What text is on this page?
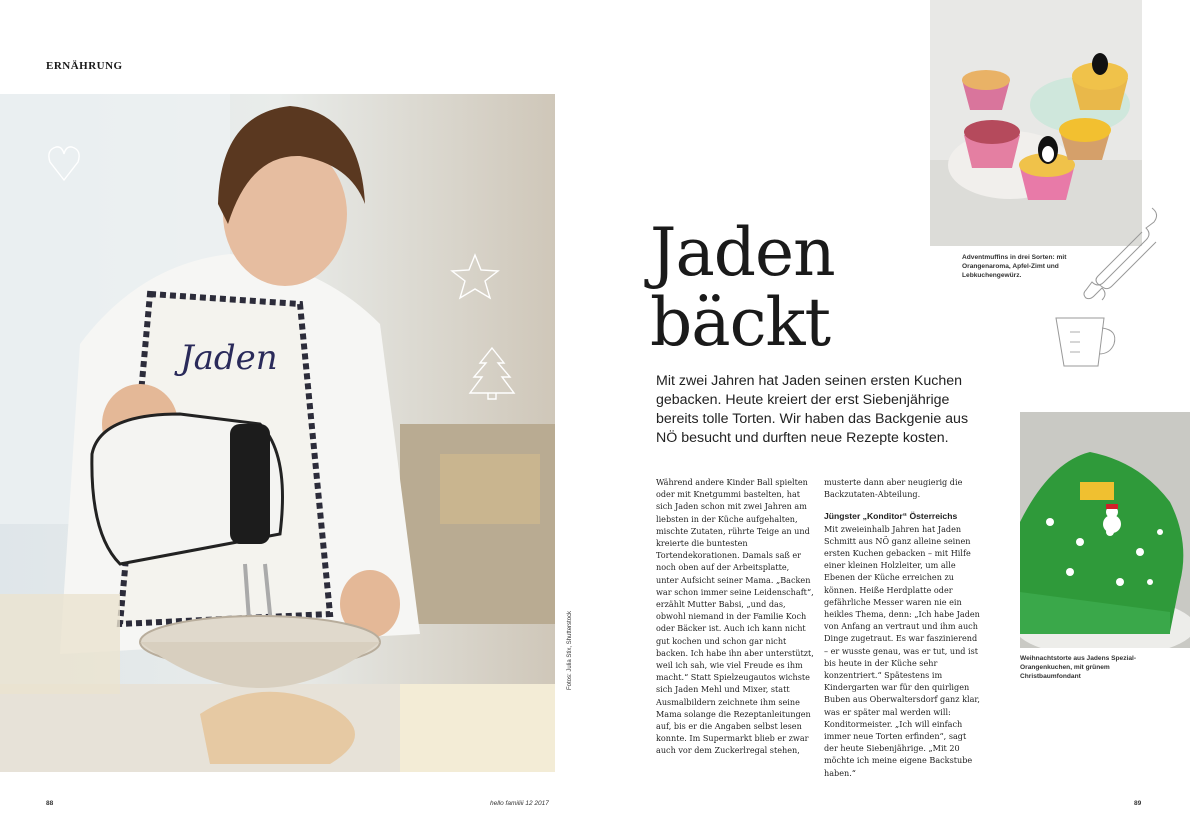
ERNÄHRUNG
Jaden
Fotos: Julia Stix, Shutterstock
Jaden
bäckt
Mit zwei Jahren hat Jaden seinen ersten Kuchen gebacken. Heute kreiert der erst Siebenjährige bereits tolle Torten. Wir haben das Backgenie aus NÖ besucht und durften neue Rezepte kosten.

Während andere Kinder Ball spielten oder mit Knetgummi bastelten, hat sich Jaden schon mit zwei Jahren am liebsten in der Küche aufgehalten, mischte Zutaten, rührte Teige an und kreierte die buntesten Tortendekorationen. Damals saß er noch oben auf der Arbeitsplatte, unter Aufsicht seiner Mama. „Backen war schon immer seine Leidenschaft“, erzählt Mutter Babsi, „und das, obwohl niemand in der Familie Koch oder Bäcker ist. Auch ich kann nicht gut kochen und schon gar nicht backen. Ich habe ihn aber unterstützt, weil ich sah, wie viel Freude es ihm macht.“ Statt Spielzeugautos wichste sich Jaden Mehl und Mixer, statt Ausmalbildern zeichnete ihm seine Mama solange die Rezeptanleitungen auf, bis er die Angaben selbst lesen konnte. Im Supermarkt blieb er zwar auch vor dem Zuckerlregal stehen,

musterte dann aber neugierig die Backzutaten-Abteilung.

Jüngster „Konditor“ Österreichs

Mit zweieinhalb Jahren hat Jaden Schmitt aus NÖ ganz alleine seinen ersten Kuchen gebacken – mit Hilfe einer kleinen Holzleiter, um alle Ebenen der Küche erreichen zu können. Heiße Herdplatte oder gefährliche Messer waren nie ein heikles Thema, denn: „Ich habe Jaden von Anfang an vertraut und ihm auch Dinge zugetraut. Es war faszinierend – er wusste genau, was er tut, und ist bis heute in der Küche sehr konzentriert.“ Spätestens im Kindergarten war für den quirligen Buben aus Oberwaltersdorf ganz klar, was er später mal werden will: Konditormeister. „Ich will einfach immer neue Torten erfinden“, sagt der heute Siebenjährige. „Mit 20 möchte ich meine eigene Backstube haben.“

Adventmuffins in drei Sorten: mit Orangenaroma, Apfel-Zimt und Lebkuchengewürz.
Weihnachtstorte aus Jadens Spezial-Orangenkuchen, mit grünem Christbaumfondant
88	hello familiii 12 2017	89
